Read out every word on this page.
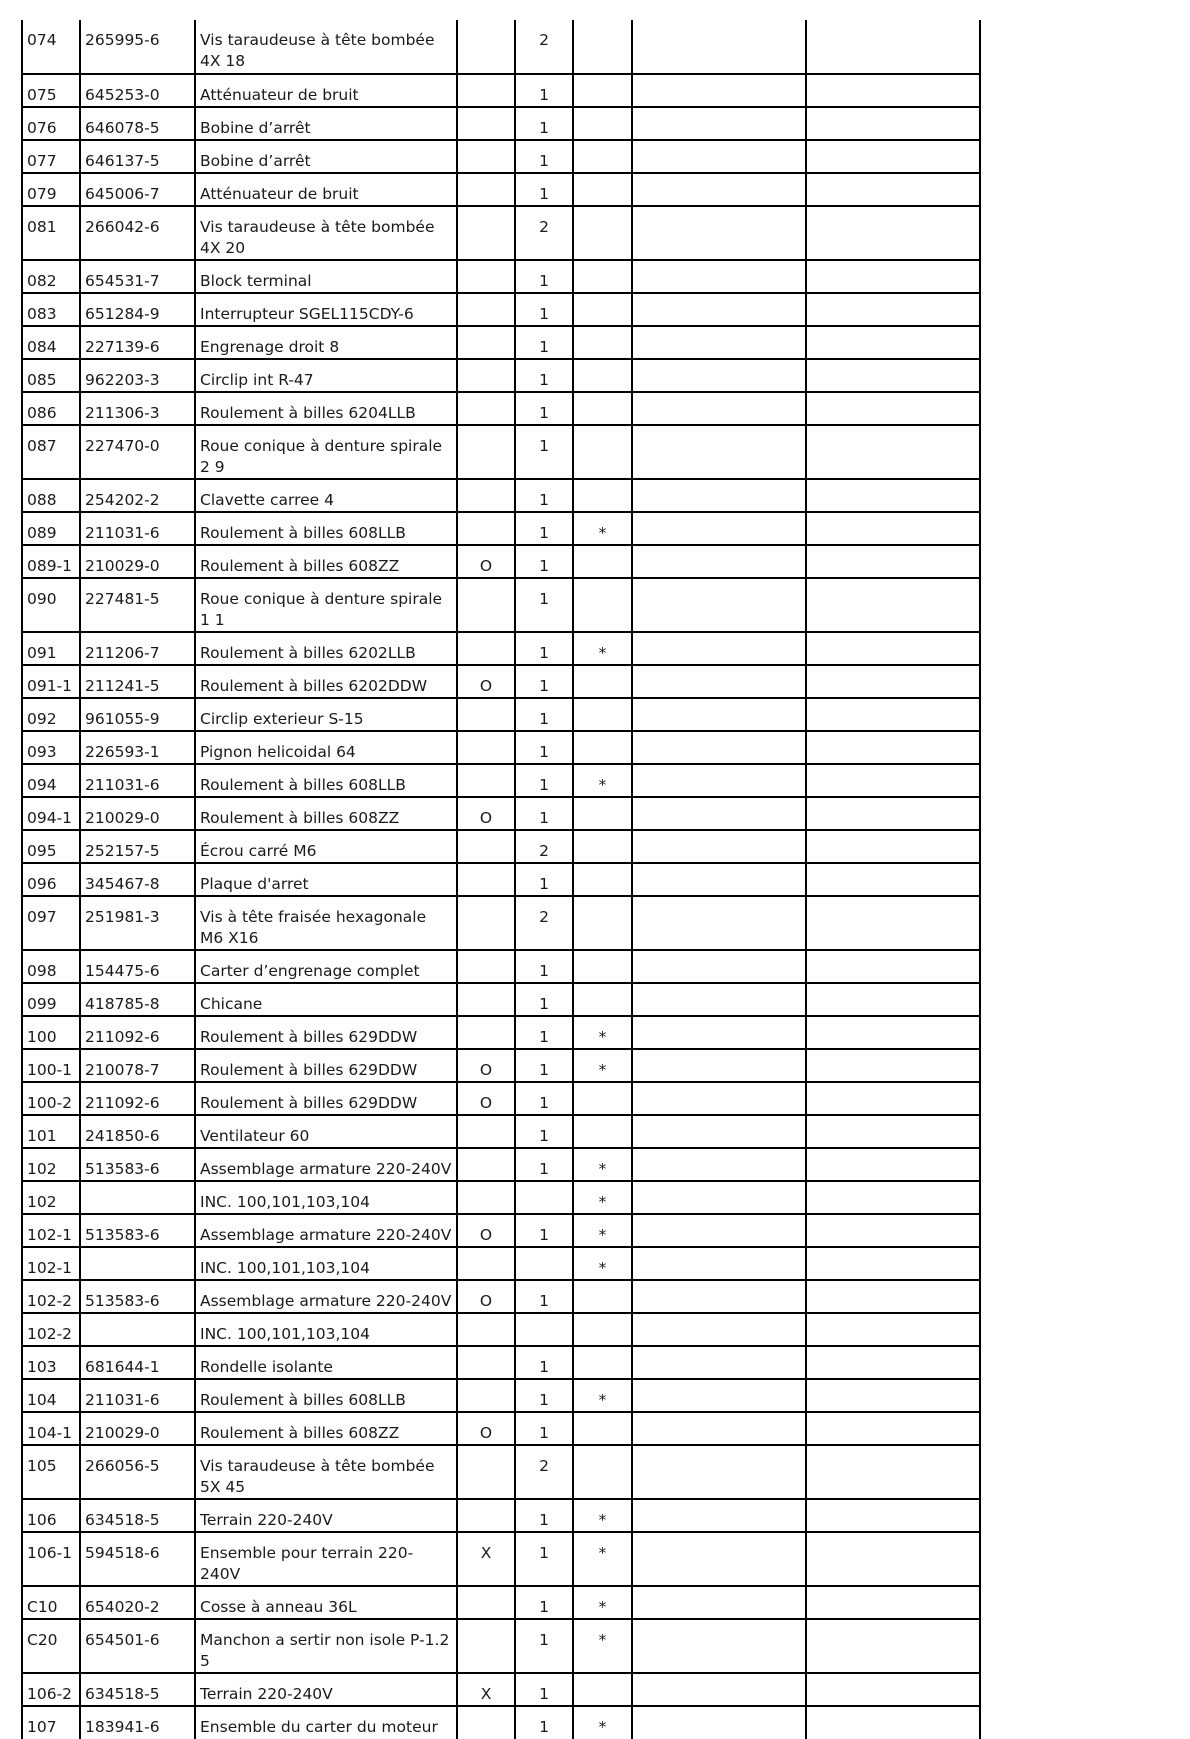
074	265995-6	Vis taraudeuse à tête bombée 4X 18		2			
075	645253-0	Atténuateur de bruit		1			
076	646078-5	Bobine d’arrêt		1			
077	646137-5	Bobine d’arrêt		1			
079	645006-7	Atténuateur de bruit		1			
081	266042-6	Vis taraudeuse à tête bombée 4X 20		2			
082	654531-7	Block terminal		1			
083	651284-9	Interrupteur SGEL115CDY-6		1			
084	227139-6	Engrenage droit 8		1			
085	962203-3	Circlip int R-47		1			
086	211306-3	Roulement à billes 6204LLB		1			
087	227470-0	Roue conique à denture spirale 2 9		1			
088	254202-2	Clavette carree 4		1			
089	211031-6	Roulement à billes 608LLB		1	*		
089-1	210029-0	Roulement à billes 608ZZ	O	1			
090	227481-5	Roue conique à denture spirale 1 1		1			
091	211206-7	Roulement à billes 6202LLB		1	*		
091-1	211241-5	Roulement à billes 6202DDW	O	1			
092	961055-9	Circlip exterieur S-15		1			
093	226593-1	Pignon helicoidal 64		1			
094	211031-6	Roulement à billes 608LLB		1	*		
094-1	210029-0	Roulement à billes 608ZZ	O	1			
095	252157-5	Écrou carré M6		2			
096	345467-8	Plaque d'arret		1			
097	251981-3	Vis à tête fraisée hexagonale M6 X16		2			
098	154475-6	Carter d’engrenage complet		1			
099	418785-8	Chicane		1			
100	211092-6	Roulement à billes 629DDW		1	*		
100-1	210078-7	Roulement à billes 629DDW	O	1	*		
100-2	211092-6	Roulement à billes 629DDW	O	1			
101	241850-6	Ventilateur 60		1			
102	513583-6	Assemblage armature 220-240V		1	*		
102		INC. 100,101,103,104			*		
102-1	513583-6	Assemblage armature 220-240V	O	1	*		
102-1		INC. 100,101,103,104			*		
102-2	513583-6	Assemblage armature 220-240V	O	1			
102-2		INC. 100,101,103,104					
103	681644-1	Rondelle isolante		1			
104	211031-6	Roulement à billes 608LLB		1	*		
104-1	210029-0	Roulement à billes 608ZZ	O	1			
105	266056-5	Vis taraudeuse à tête bombée 5X 45		2			
106	634518-5	Terrain 220-240V		1	*		
106-1	594518-6	Ensemble pour terrain 220-240V	X	1	*		
C10	654020-2	Cosse à anneau 36L		1	*		
C20	654501-6	Manchon a sertir non isole P-1.2 5		1	*		
106-2	634518-5	Terrain 220-240V	X	1			
107	183941-6	Ensemble du carter du moteur		1	*		
